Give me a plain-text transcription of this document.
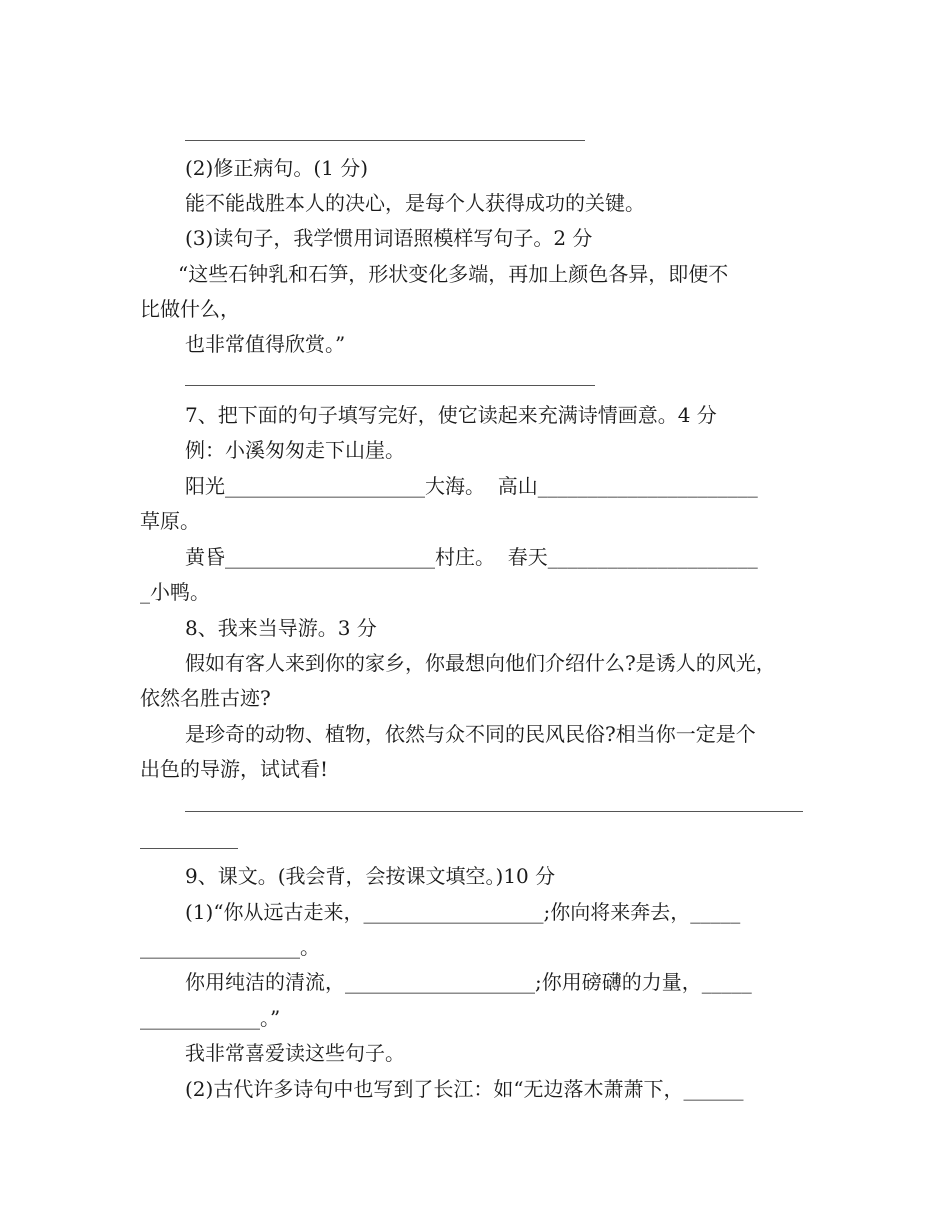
(2)修正病句。(1 分)
能不能战胜本人的决心，是每个人获得成功的关键。
(3)读句子，我学惯用词语照模样写句子。2 分
“这些石钟乳和石笋，形状变化多端，再加上颜色各异，即便不
比做什么，
也非常值得欣赏。”
7、把下面的句子填写完好，使它读起来充满诗情画意。4 分
例：小溪匆匆走下山崖。
阳光____________________大海。  高山______________________
草原。
黄昏_____________________村庄。  春天_____________________
_小鸭。
8、我来当导游。3 分
假如有客人来到你的家乡，你最想向他们介绍什么?是诱人的风光，
依然名胜古迹?
是珍奇的动物、植物，依然与众不同的民风民俗?相当你一定是个
出色的导游，试试看!
9、课文。(我会背，会按课文填空。)10 分
(1)“你从远古走来，__________________;你向将来奔去，_____
________________。
你用纯洁的清流，___________________;你用磅礴的力量，_____
____________。”
我非常喜爱读这些句子。
(2)古代许多诗句中也写到了长江：如“无边落木萧萧下，______
